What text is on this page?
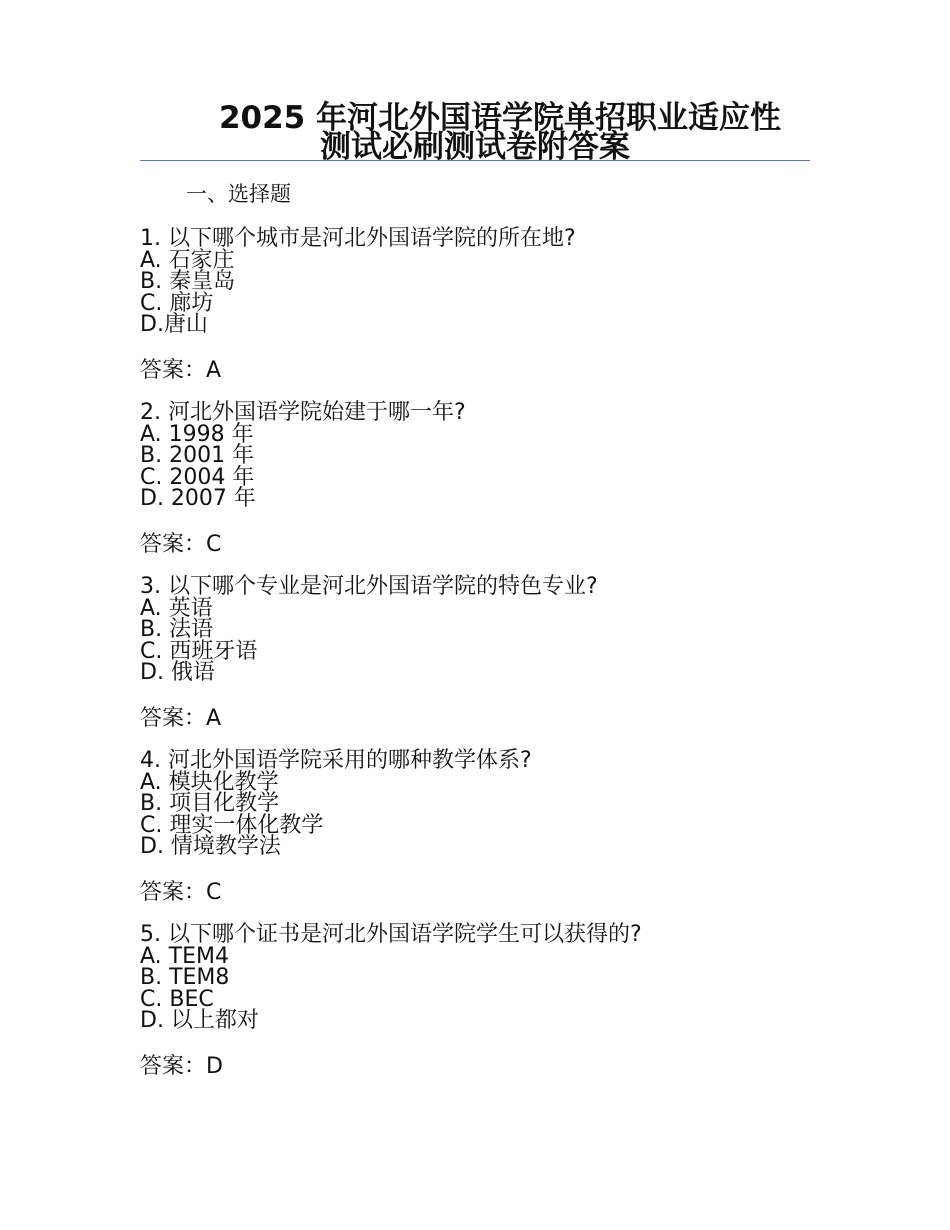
2025 年河北外国语学院单招职业适应性
测试必刷测试卷附答案
一、选择题
1. 以下哪个城市是河北外国语学院的所在地?
A. 石家庄
B. 秦皇岛
C. 廊坊
D.唐山
答案：A
2. 河北外国语学院始建于哪一年?
A. 1998 年
B. 2001 年
C. 2004 年
D. 2007 年
答案：C
3. 以下哪个专业是河北外国语学院的特色专业?
A. 英语
B. 法语
C. 西班牙语
D. 俄语
答案：A
4. 河北外国语学院采用的哪种教学体系?
A. 模块化教学
B. 项目化教学
C. 理实一体化教学
D. 情境教学法
答案：C
5. 以下哪个证书是河北外国语学院学生可以获得的?
A. TEM4
B. TEM8
C. BEC
D. 以上都对
答案：D
